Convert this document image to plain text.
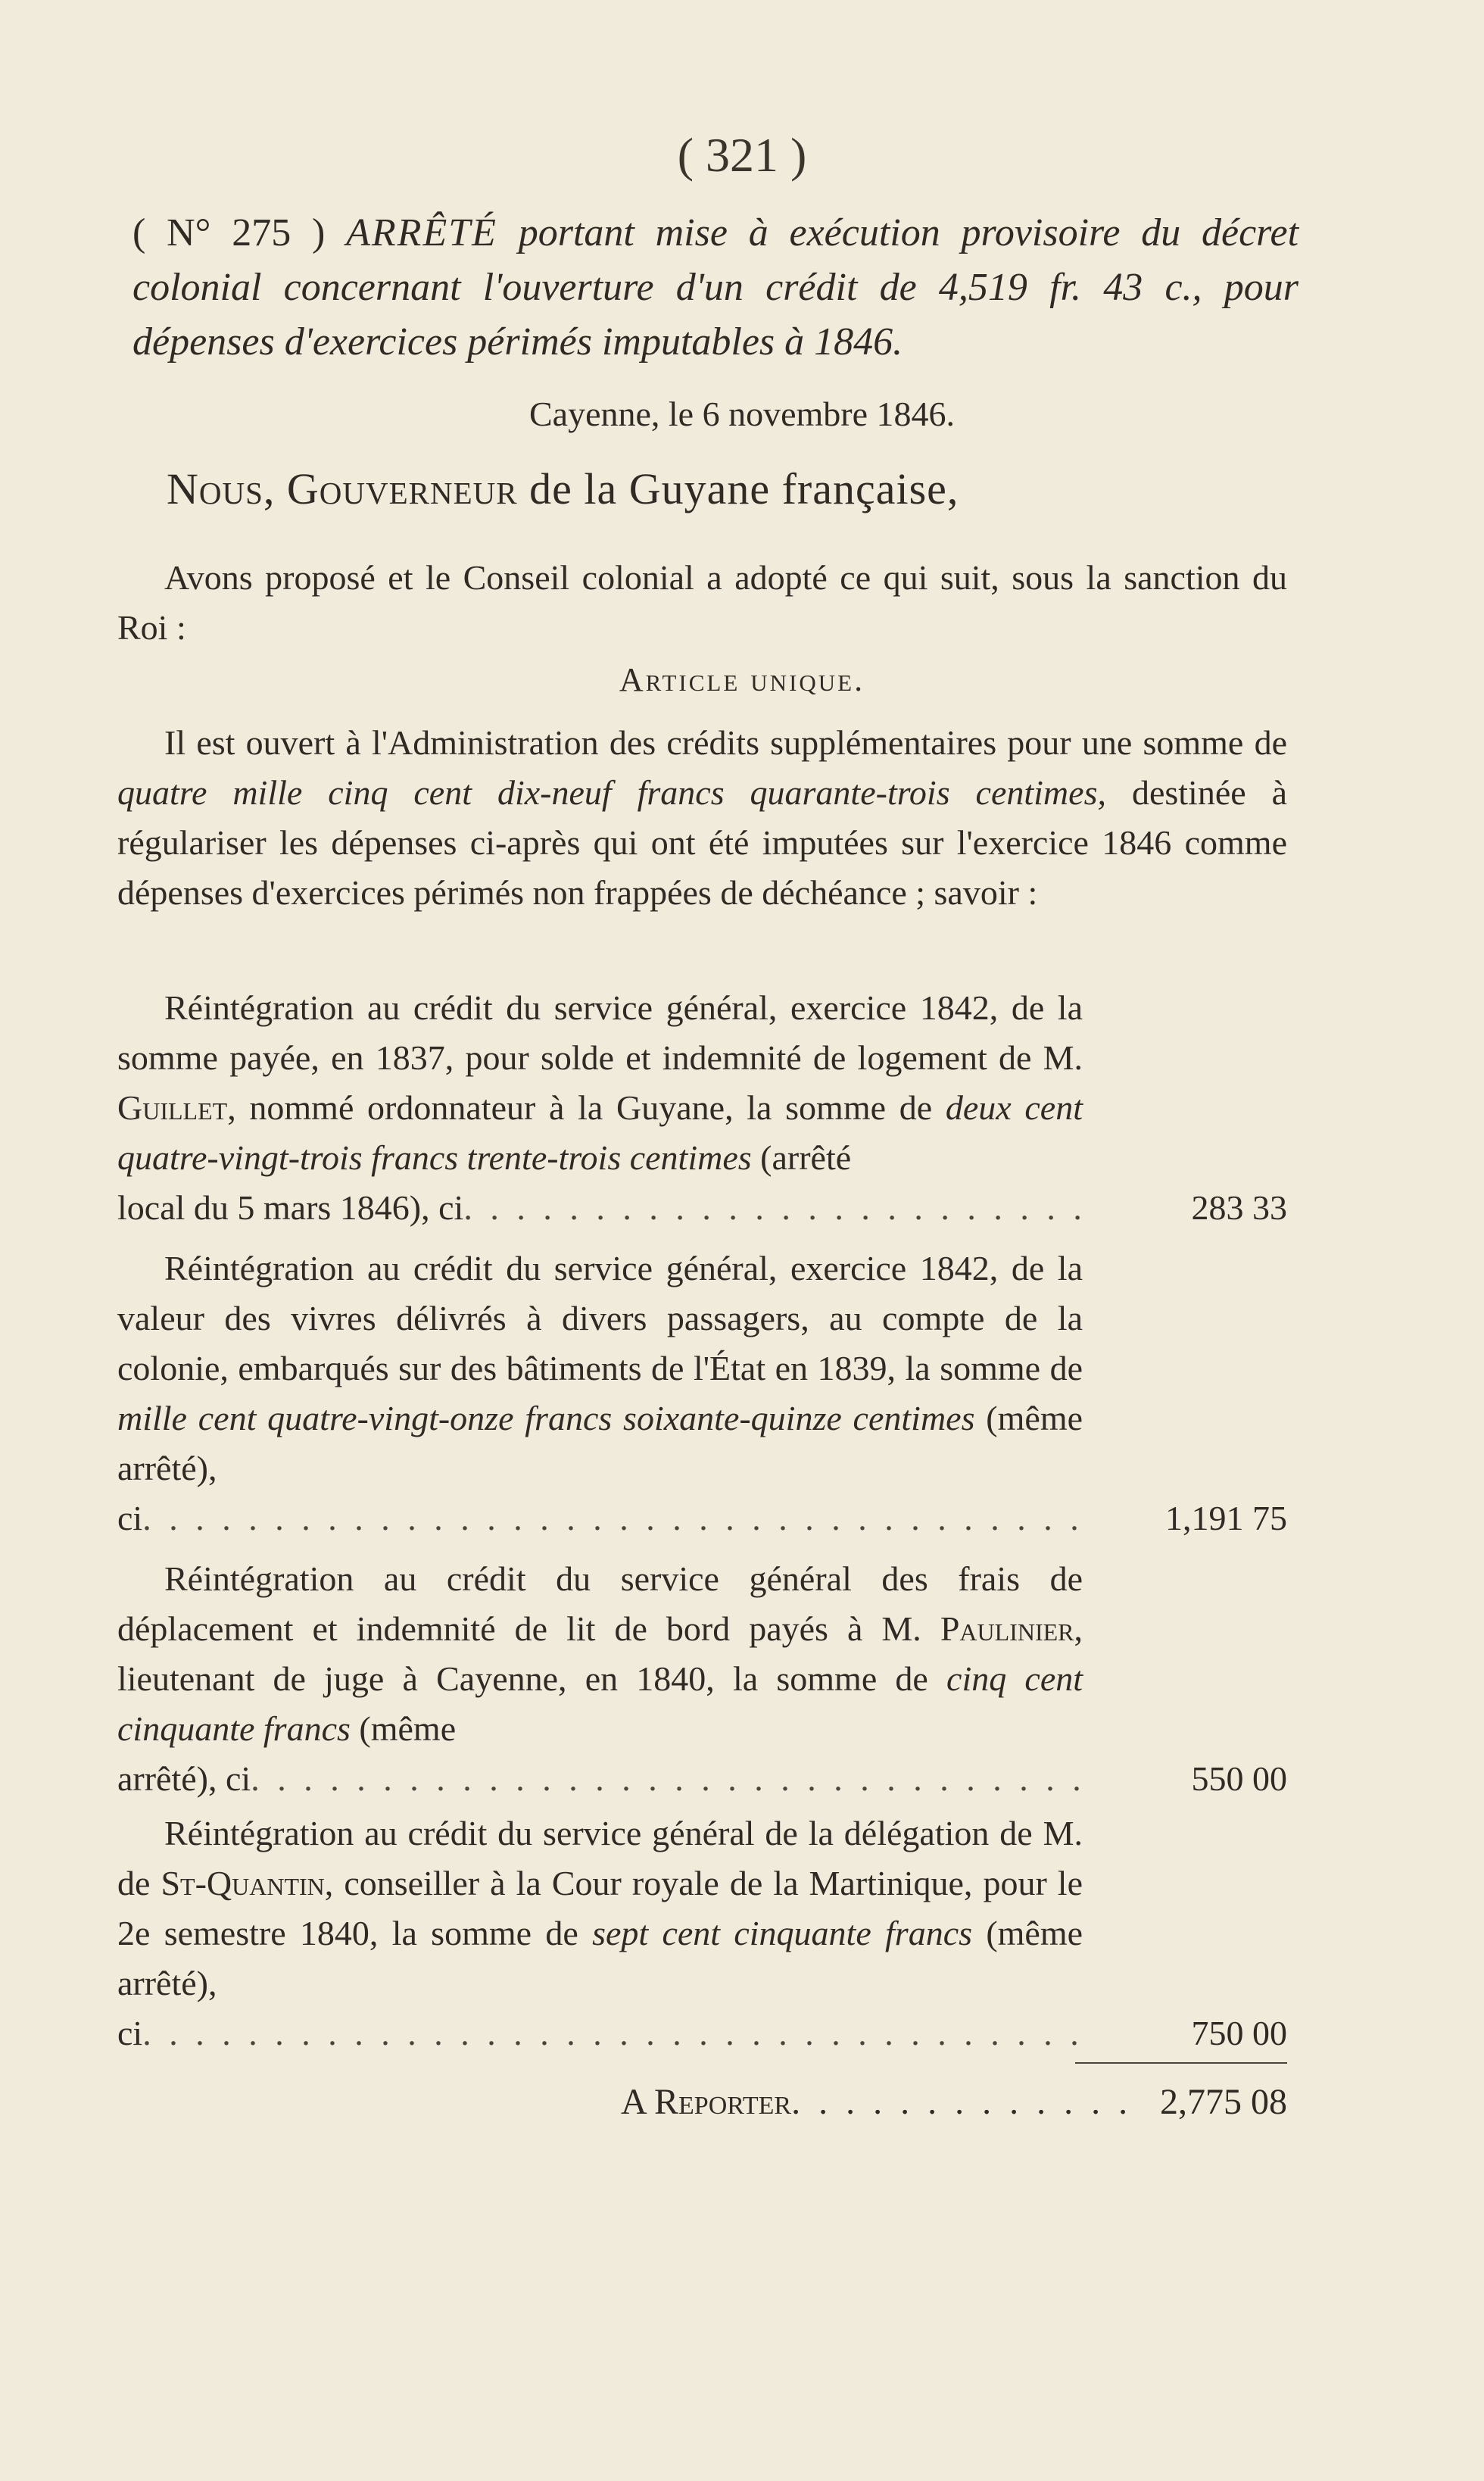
( 321 )
( N° 275 ) ARRÊTÉ portant mise à exécution provisoire du décret colonial concernant l'ouverture d'un crédit de 4,519 fr. 43 c., pour dépenses d'exercices périmés imputables à 1846.
Cayenne, le 6 novembre 1846.
Nous, Gouverneur de la Guyane française,

Avons proposé et le Conseil colonial a adopté ce qui suit, sous la sanction du Roi :

Article unique.

Il est ouvert à l'Administration des crédits supplémentaires pour une somme de quatre mille cinq cent dix-neuf francs quarante-trois centimes, destinée à régulariser les dépenses ci-après qui ont été imputées sur l'exercice 1846 comme dépenses d'exercices périmés non frappées de déchéance ; savoir :

Réintégration au crédit du service général, exercice 1842, de la somme payée, en 1837, pour solde et indemnité de logement de M. Guillet, nommé ordonnateur à la Guyane, la somme de deux cent quatre-vingt-trois francs trente-trois centimes (arrêté
local du 5 mars 1846), ci . . .	283 33
Réintégration au crédit du service général, exercice 1842, de la valeur des vivres délivrés à divers passagers, au compte de la colonie, embarqués sur des bâtiments de l'État en 1839, la somme de mille cent quatre-vingt-onze francs soixante-quinze centimes (même arrêté),
ci . . .	1,191 75
Réintégration au crédit du service général des frais de déplacement et indemnité de lit de bord payés à M. Paulinier, lieutenant de juge à Cayenne, en 1840, la somme de cinq cent cinquante francs (même
arrêté), ci . . .	550 00
Réintégration au crédit du service général de la délégation de M. de St-Quantin, conseiller à la Cour royale de la Martinique, pour le 2e semestre 1840, la somme de sept cent cinquante francs (même arrêté),
ci . . .	750 00
A Reporter . . .	2,775 08
